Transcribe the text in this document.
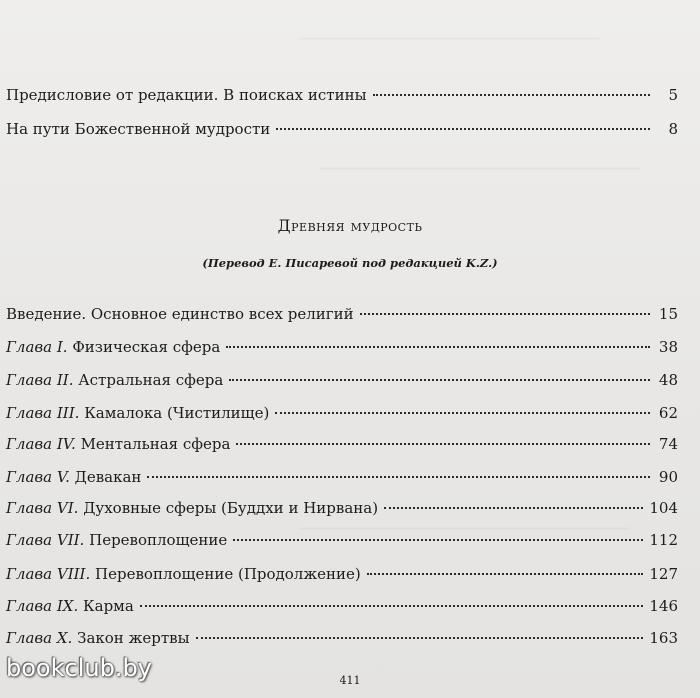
Предисловие от редакции. В поисках истины	5
На пути Божественной мудрости	8
Древняя мудрость
(Перевод Е. Писаревой под редакцией K.Z.)
Введение. Основное единство всех религий	15
Глава I. Физическая сфера	38
Глава II. Астральная сфера	48
Глава III. Камалока (Чистилище)	62
Глава IV. Ментальная сфера	74
Глава V. Девакан	90
Глава VI. Духовные сферы (Буддхи и Нирвана)	104
Глава VII. Перевоплощение	112
Глава VIII. Перевоплощение (Продолжение)	127
Глава IX. Карма	146
Глава X. Закон жертвы	163
bookclub.by	411
